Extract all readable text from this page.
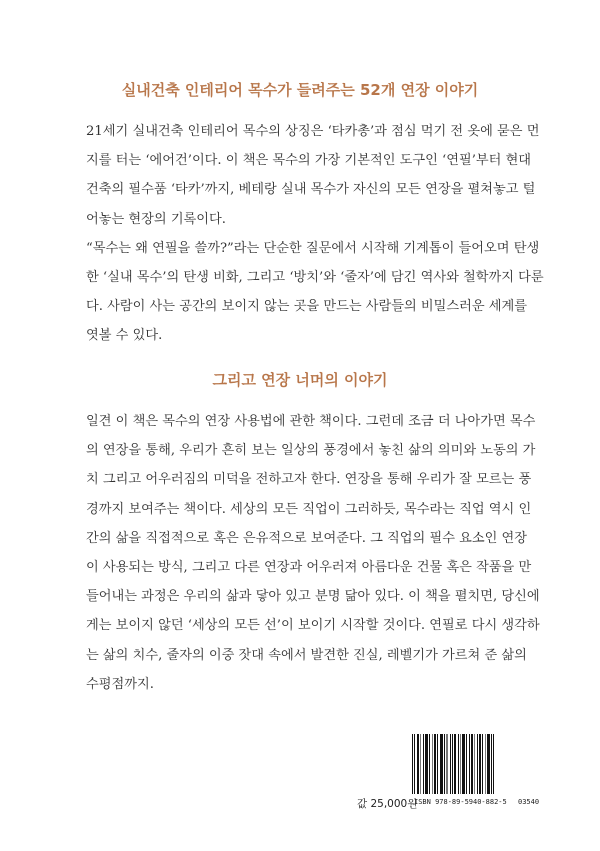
실내건축 인테리어 목수가 들려주는 52개 연장 이야기
21세기 실내건축 인테리어 목수의 상징은 ‘타카총’과 점심 먹기 전 옷에 묻은 먼
지를 터는 ‘에어건’이다. 이 책은 목수의 가장 기본적인 도구인 ‘연필’부터 현대
건축의 필수품 ‘타카’까지, 베테랑 실내 목수가 자신의 모든 연장을 펼쳐놓고 털
어놓는 현장의 기록이다.
“목수는 왜 연필을 쓸까?”라는 단순한 질문에서 시작해 기계톱이 들어오며 탄생
한 ‘실내 목수’의 탄생 비화, 그리고 ‘방치’와 ‘줄자’에 담긴 역사와 철학까지 다룬
다. 사람이 사는 공간의 보이지 않는 곳을 만드는 사람들의 비밀스러운 세계를
엿볼 수 있다.
그리고 연장 너머의 이야기
일견 이 책은 목수의 연장 사용법에 관한 책이다. 그런데 조금 더 나아가면 목수
의 연장을 통해, 우리가 흔히 보는 일상의 풍경에서 놓친 삶의 의미와 노동의 가
치 그리고 어우러짐의 미덕을 전하고자 한다. 연장을 통해 우리가 잘 모르는 풍
경까지 보여주는 책이다. 세상의 모든 직업이 그러하듯, 목수라는 직업 역시 인
간의 삶을 직접적으로 혹은 은유적으로 보여준다. 그 직업의 필수 요소인 연장
이 사용되는 방식, 그리고 다른 연장과 어우러져 아름다운 건물 혹은 작품을 만
들어내는 과정은 우리의 삶과 닿아 있고 분명 닮아 있다. 이 책을 펼치면, 당신에
게는 보이지 않던 ‘세상의 모든 선’이 보이기 시작할 것이다. 연필로 다시 생각하
는 삶의 치수, 줄자의 이중 잣대 속에서 발견한 진실, 레벨기가 가르쳐 준 삶의
수평점까지.
값 25,000원
ISBN 978-89-5940-882-5 03540
